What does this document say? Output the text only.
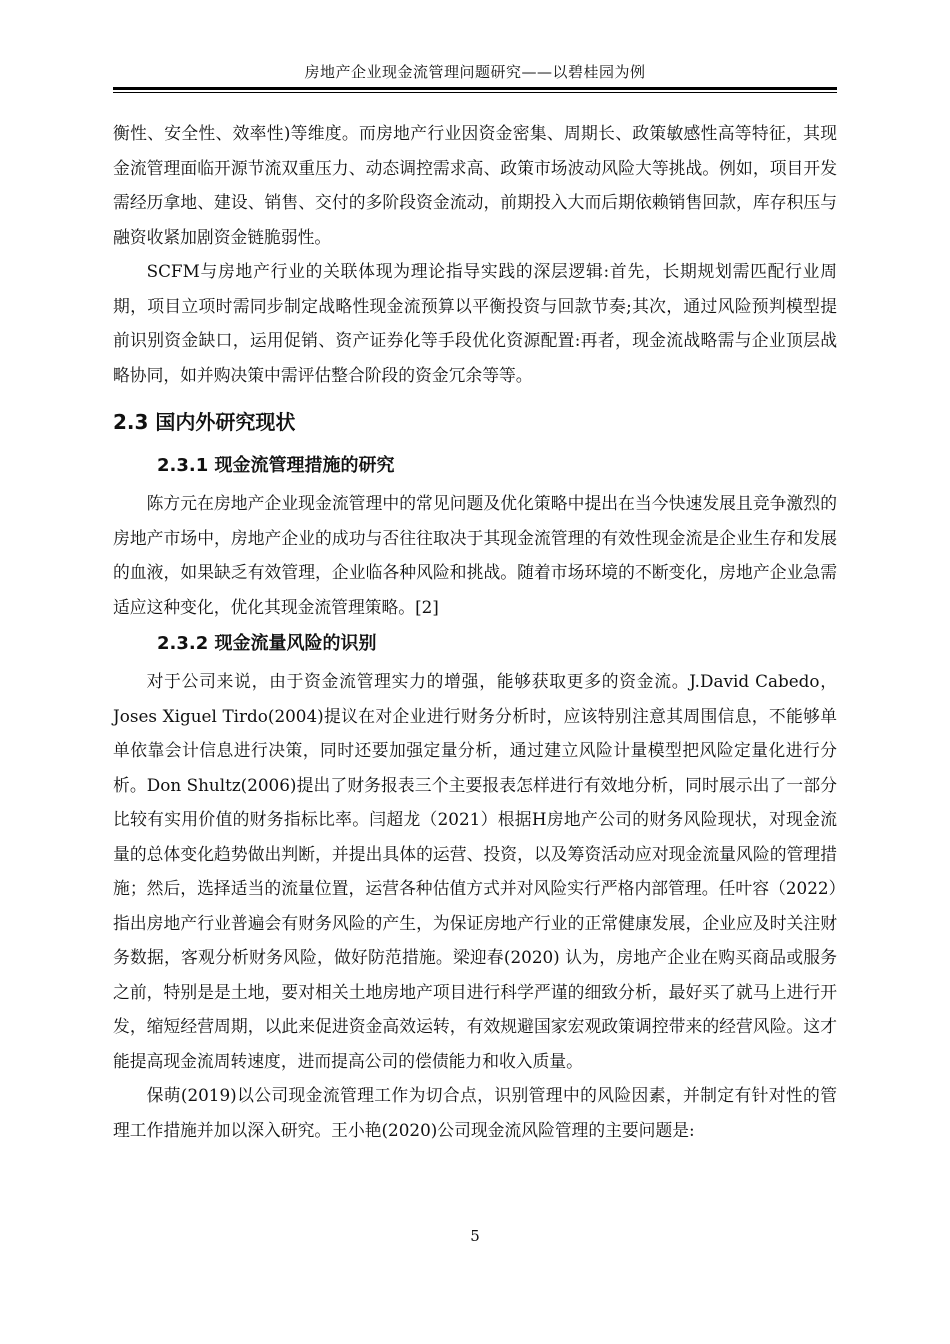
房地产企业现金流管理问题研究——以碧桂园为例

衡性、安全性、效率性)等维度。而房地产行业因资金密集、周期长、政策敏感性高等特征，其现金流管理面临开源节流双重压力、动态调控需求高、政策市场波动风险大等挑战。例如，项目开发需经历拿地、建设、销售、交付的多阶段资金流动，前期投入大而后期依赖销售回款，库存积压与融资收紧加剧资金链脆弱性。

SCFM与房地产行业的关联体现为理论指导实践的深层逻辑:首先，长期规划需匹配行业周期，项目立项时需同步制定战略性现金流预算以平衡投资与回款节奏;其次，通过风险预判模型提前识别资金缺口，运用促销、资产证券化等手段优化资源配置:再者，现金流战略需与企业顶层战略协同，如并购决策中需评估整合阶段的资金冗余等等。

2.3 国内外研究现状
2.3.1 现金流管理措施的研究

陈方元在房地产企业现金流管理中的常见问题及优化策略中提出在当今快速发展且竞争激烈的房地产市场中，房地产企业的成功与否往往取决于其现金流管理的有效性现金流是企业生存和发展的血液，如果缺乏有效管理，企业临各种风险和挑战。随着市场环境的不断变化，房地产企业急需适应这种变化，优化其现金流管理策略。[2]

2.3.2 现金流量风险的识别

对于公司来说，由于资金流管理实力的增强，能够获取更多的资金流。J.David Cabedo，Joses Xiguel Tirdo(2004)提议在对企业进行财务分析时，应该特别注意其周围信息，不能够单单依靠会计信息进行决策，同时还要加强定量分析，通过建立风险计量模型把风险定量化进行分析。Don Shultz(2006)提出了财务报表三个主要报表怎样进行有效地分析，同时展示出了一部分比较有实用价值的财务指标比率。闫超龙（2021）根据H房地产公司的财务风险现状，对现金流量的总体变化趋势做出判断，并提出具体的运营、投资，以及筹资活动应对现金流量风险的管理措施；然后，选择适当的流量位置，运营各种估值方式并对风险实行严格内部管理。任叶容（2022）指出房地产行业普遍会有财务风险的产生，为保证房地产行业的正常健康发展，企业应及时关注财务数据，客观分析财务风险，做好防范措施。梁迎春(2020) 认为，房地产企业在购买商品或服务之前，特别是是土地，要对相关土地房地产项目进行科学严谨的细致分析，最好买了就马上进行开发，缩短经营周期，以此来促进资金高效运转，有效规避国家宏观政策调控带来的经营风险。这才能提高现金流周转速度，进而提高公司的偿债能力和收入质量。

保萌(2019)以公司现金流管理工作为切合点，识别管理中的风险因素，并制定有针对性的管理工作措施并加以深入研究。王小艳(2020)公司现金流风险管理的主要问题是:

5
